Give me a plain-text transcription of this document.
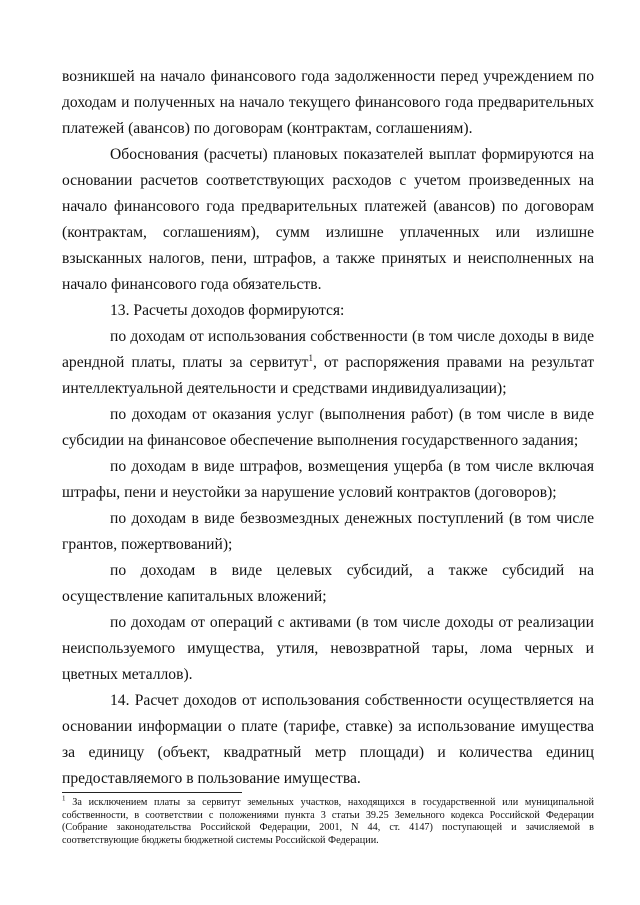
возникшей на начало финансового года задолженности перед учреждением по доходам и полученных на начало текущего финансового года предварительных платежей (авансов) по договорам (контрактам, соглашениям).

Обоснования (расчеты) плановых показателей выплат формируются на основании расчетов соответствующих расходов с учетом произведенных на начало финансового года предварительных платежей (авансов) по договорам (контрактам, соглашениям), сумм излишне уплаченных или излишне взысканных налогов, пени, штрафов, а также принятых и неисполненных на начало финансового года обязательств.

13. Расчеты доходов формируются:

по доходам от использования собственности (в том числе доходы в виде арендной платы, платы за сервитут$^1$, от распоряжения правами на результат интеллектуальной деятельности и средствами индивидуализации);

по доходам от оказания услуг (выполнения работ) (в том числе в виде субсидии на финансовое обеспечение выполнения государственного задания;

по доходам в виде штрафов, возмещения ущерба (в том числе включая штрафы, пени и неустойки за нарушение условий контрактов (договоров);

по доходам в виде безвозмездных денежных поступлений (в том числе грантов, пожертвований);

по доходам в виде целевых субсидий, а также субсидий на осуществление капитальных вложений;

по доходам от операций с активами (в том числе доходы от реализации неиспользуемого имущества, утиля, невозвратной тары, лома черных и цветных металлов).

14. Расчет доходов от использования собственности осуществляется на основании информации о плате (тарифе, ставке) за использование имущества за единицу (объект, квадратный метр площади) и количества единиц предоставляемого в пользование имущества.

$^1$ За исключением платы за сервитут земельных участков, находящихся в государственной или муниципальной собственности, в соответствии с положениями пункта 3 статьи 39.25 Земельного кодекса Российской Федерации (Собрание законодательства Российской Федерации, 2001, N 44, ст. 4147) поступающей и зачисляемой в соответствующие бюджеты бюджетной системы Российской Федерации.
